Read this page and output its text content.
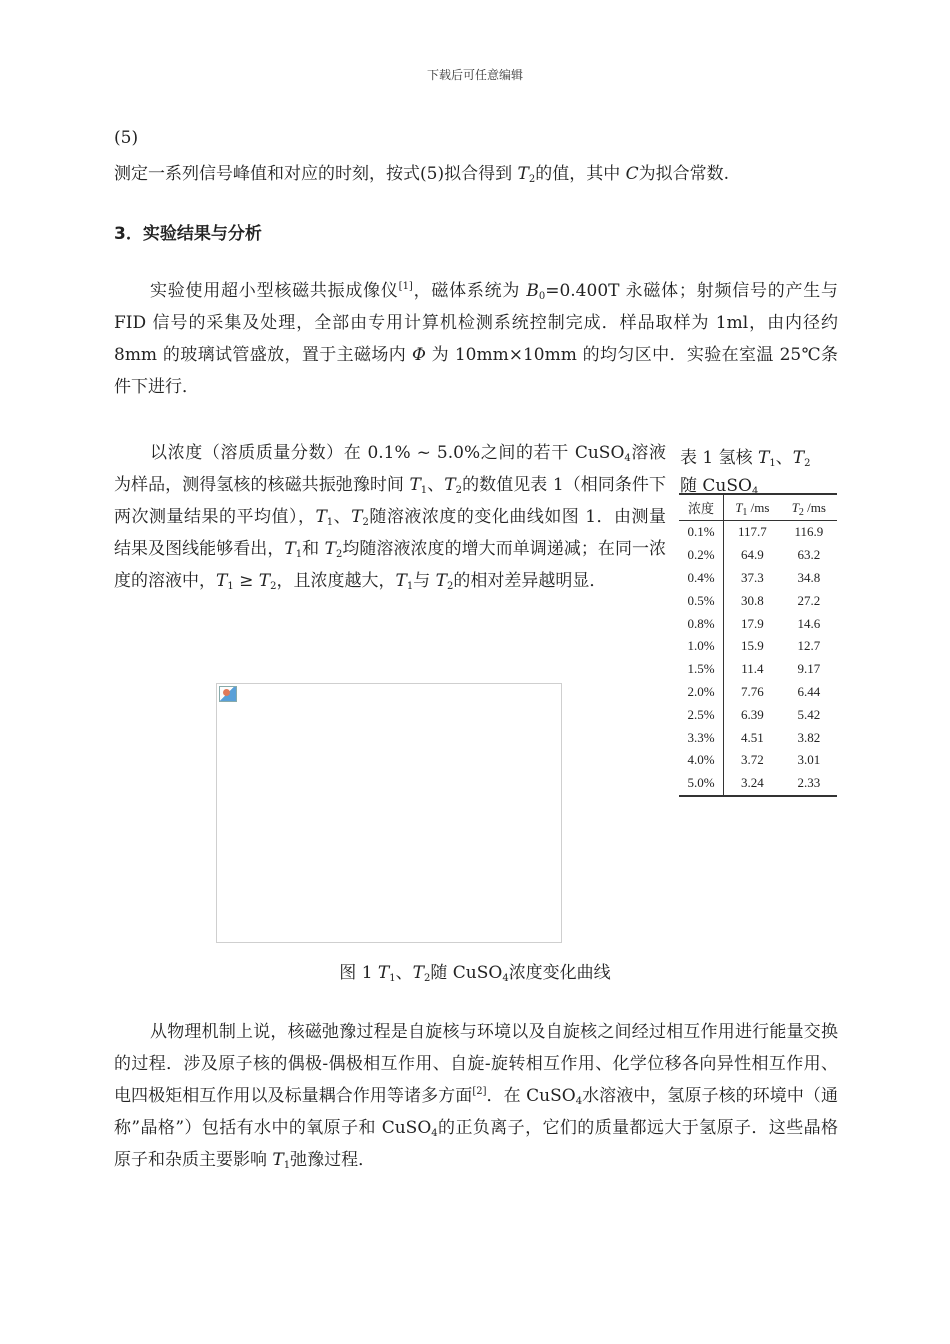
下载后可任意编辑
(5)
测定一系列信号峰值和对应的时刻，按式(5)拟合得到 $T_2$的值，其中 C为拟合常数.
3．实验结果与分析

实验使用超小型核磁共振成像仪[1]，磁体系统为 $B_0=0.400T$ 永磁体；射频信号的产生与 FID 信号的采集及处理，全部由专用计算机检测系统控制完成．样品取样为 1ml，由内径约 8mm 的玻璃试管盛放，置于主磁场内 Φ 为 10mm×10mm 的均匀区中．实验在室温 25℃条件下进行．

以浓度（溶质质量分数）在 0.1% ~ 5.0%之间的若干 CuSO$_4$溶液为样品，测得氢核的核磁共振弛豫时间 $T_1$、$T_2$的数值见表 1（相同条件下两次测量结果的平均值），$T_1$、$T_2$随溶液浓度的变化曲线如图 1．由测量结果及图线能够看出，$T_1$和 $T_2$均随溶液浓度的增大而单调递减；在同一浓度的溶液中，$T_1 \ge T_2$，且浓度越大，$T_1$与 $T_2$的相对差异越明显．

表 1 氢核 $T_1$、$T_2$
随 CuSO$_4$
浓度	$T_1$ /ms	$T_2$ /ms
0.1%	117.7	116.9
0.2%	64.9	63.2
0.4%	37.3	34.8
0.5%	30.8	27.2
0.8%	17.9	14.6
1.0%	15.9	12.7
1.5%	11.4	9.17
2.0%	7.76	6.44
2.5%	6.39	5.42
3.3%	4.51	3.82
4.0%	3.72	3.01
5.0%	3.24	2.33
图 1 $T_1$、$T_2$随 CuSO$_4$浓度变化曲线

从物理机制上说，核磁弛豫过程是自旋核与环境以及自旋核之间经过相互作用进行能量交换的过程．涉及原子核的偶极-偶极相互作用、自旋-旋转相互作用、化学位移各向异性相互作用、电四极矩相互作用以及标量耦合作用等诸多方面[2]．在 CuSO$_4$水溶液中，氢原子核的环境中（通称”晶格”）包括有水中的氧原子和 CuSO$_4$的正负离子，它们的质量都远大于氢原子．这些晶格原子和杂质主要影响 $T_1$弛豫过程．
